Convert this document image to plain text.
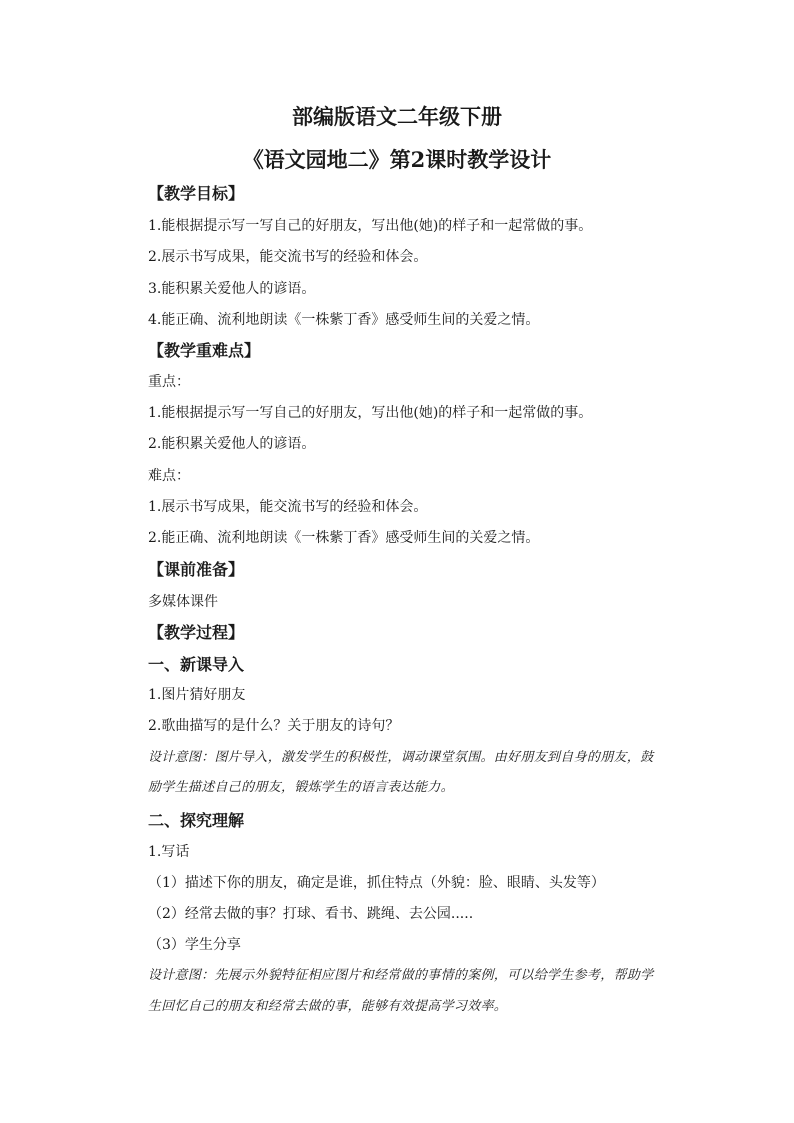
部编版语文二年级下册
《语文园地二》第2课时教学设计
【教学目标】
1.能根据提示写一写自己的好朋友，写出他(她)的样子和一起常做的事。
2.展示书写成果，能交流书写的经验和体会。
3.能积累关爱他人的谚语。
4.能正确、流利地朗读《一株紫丁香》感受师生间的关爱之情。
【教学重难点】
重点：
1.能根据提示写一写自己的好朋友，写出他(她)的样子和一起常做的事。
2.能积累关爱他人的谚语。
难点：
1.展示书写成果，能交流书写的经验和体会。
2.能正确、流利地朗读《一株紫丁香》感受师生间的关爱之情。
【课前准备】
多媒体课件
【教学过程】
一、新课导入
1.图片猜好朋友
2.歌曲描写的是什么？关于朋友的诗句？
设计意图：图片导入，激发学生的积极性，调动课堂氛围。由好朋友到自身的朋友，鼓
励学生描述自己的朋友，锻炼学生的语言表达能力。
二、探究理解
1.写话
（1）描述下你的朋友，确定是谁，抓住特点（外貌：脸、眼睛、头发等）
（2）经常去做的事？打球、看书、跳绳、去公园.....
（3）学生分享
设计意图：先展示外貌特征相应图片和经常做的事情的案例，可以给学生参考，帮助学
生回忆自己的朋友和经常去做的事，能够有效提高学习效率。
